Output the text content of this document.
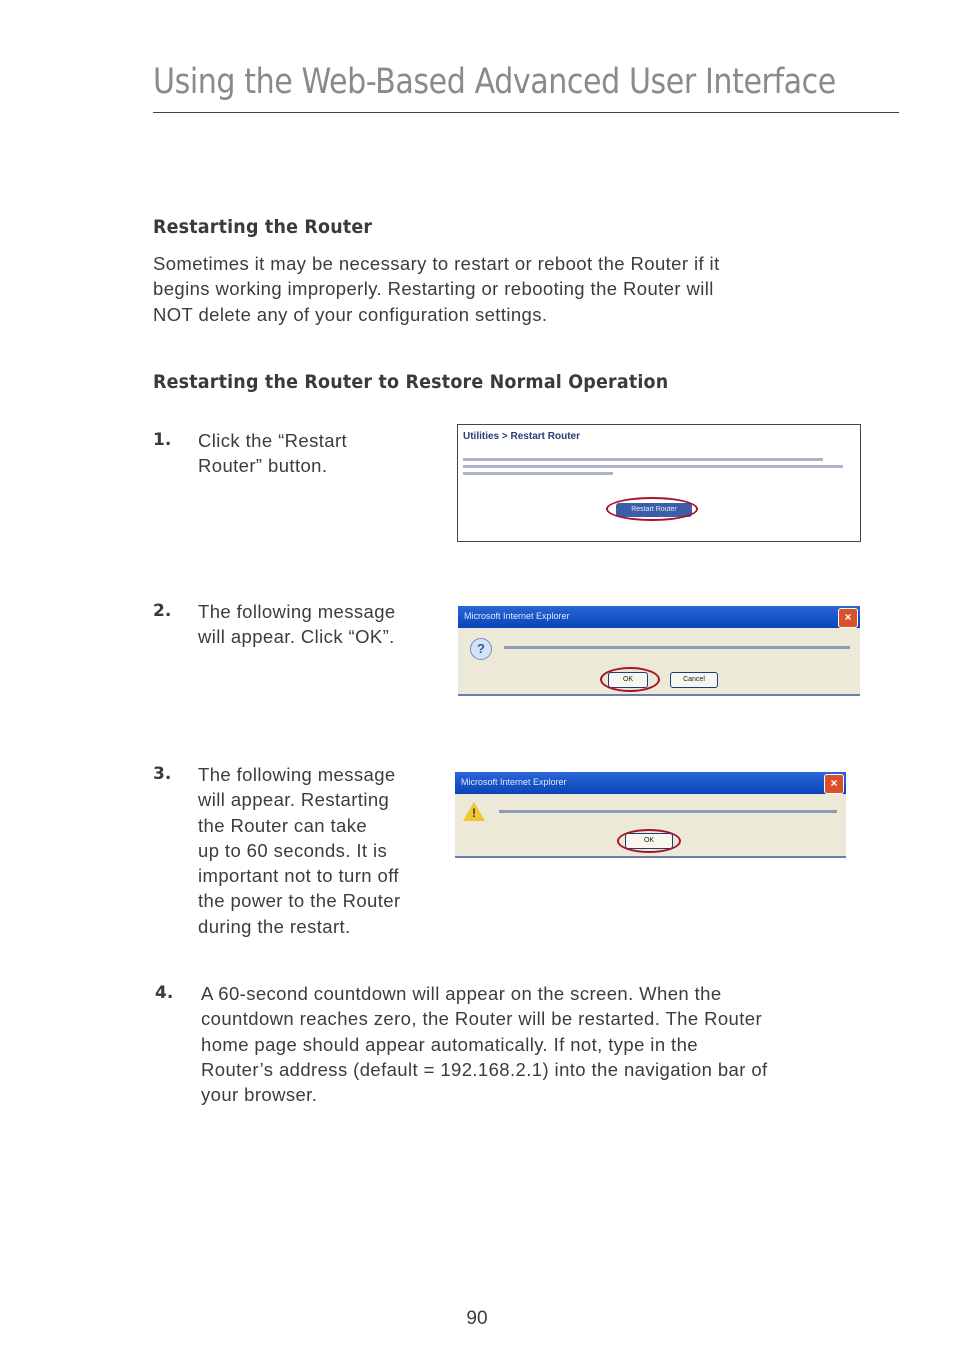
Using the Web-Based Advanced User Interface
Restarting the Router
Sometimes it may be necessary to restart or reboot the Router if it
begins working improperly. Restarting or rebooting the Router will
NOT delete any of your configuration settings.
Restarting the Router to Restore Normal Operation
1. Click the “Restart
Router” button.
Utilities > Restart Router
Restart Router
2. The following message
will appear. Click “OK”.
Microsoft Internet Explorer	×
?
OK	Cancel
3. The following message
will appear. Restarting
the Router can take
up to 60 seconds. It is
important not to turn off
the power to the Router
during the restart.
Microsoft Internet Explorer	×
!
OK
4. A 60-second countdown will appear on the screen. When the
countdown reaches zero, the Router will be restarted. The Router
home page should appear automatically. If not, type in the
Router’s address (default = 192.168.2.1) into the navigation bar of
your browser.

90
